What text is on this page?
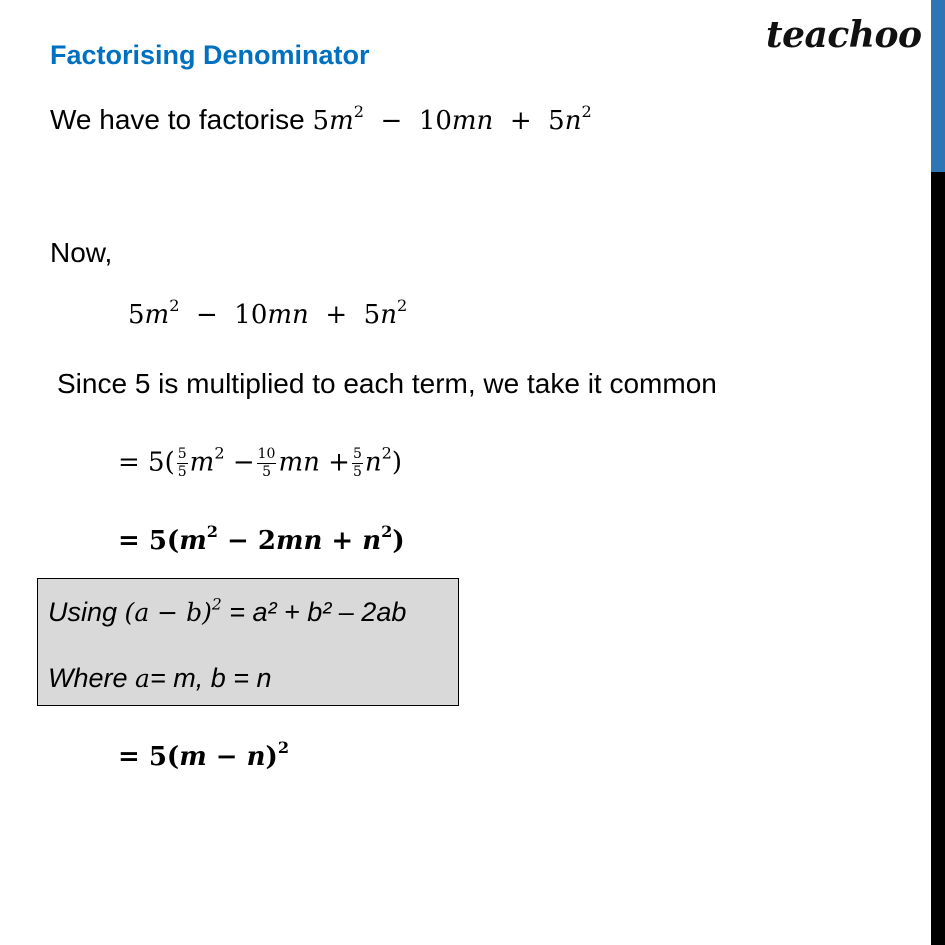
teachoo
Factorising Denominator
We have to factorise $5m^2 - 10mn + 5n^2$
Now,
$5m^2 - 10mn + 5n^2$
Since 5 is multiplied to each term, we take it common
= $5( \frac{5}{5} m^2 - \frac{10}{5}$ mn + $\frac{5}{5} n^2$)
= $5(m^2 - 2mn + n^2)$
Using $(a - b)^2 = a^2 + b^2 - 2ab$
Where a= m, b = n
= $5(m - n)^2$
